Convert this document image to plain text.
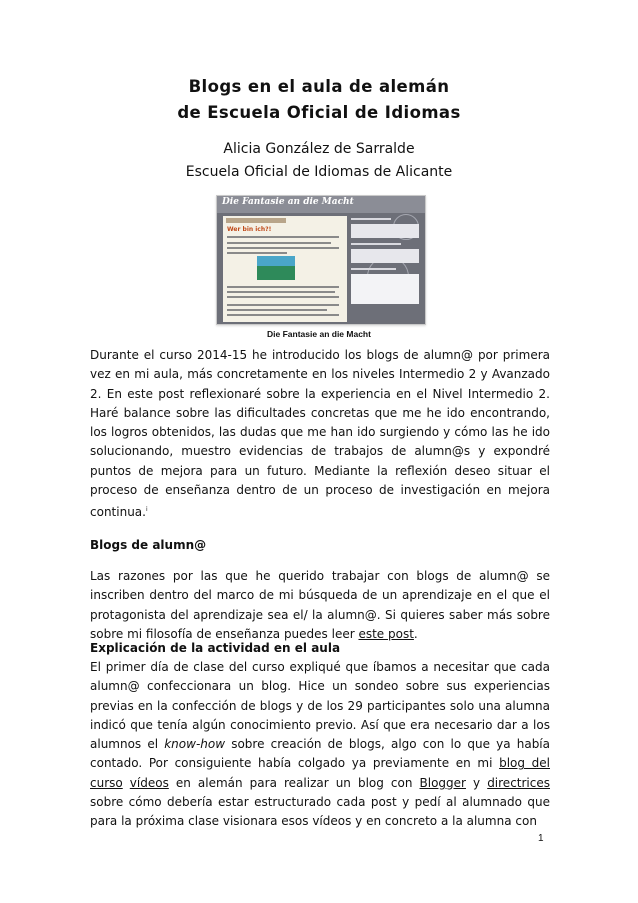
Blogs en el aula de alemán
de Escuela Oficial de Idiomas
Alicia González de Sarralde
Escuela Oficial de Idiomas de Alicante
Die Fantasie an die Macht
Wer bin ich?!
Die Fantasie an die Macht

Durante el curso 2014-15 he introducido los blogs de alumn@ por primera vez en mi aula, más concretamente en los niveles Intermedio 2 y Avanzado 2. En este post reflexionaré sobre la experiencia en el Nivel Intermedio 2. Haré balance sobre las dificultades concretas que me he ido encontrando, los logros obtenidos, las dudas que me han ido surgiendo y cómo las he ido solucionando, muestro evidencias de trabajos de alumn@s y expondré puntos de mejora para un futuro. Mediante la reflexión deseo situar el proceso de enseñanza dentro de un proceso de investigación en mejora continua.$^i$

Blogs de alumn@

Las razones por las que he querido trabajar con blogs de alumn@ se inscriben dentro del marco de mi búsqueda de un aprendizaje en el que el protagonista del aprendizaje sea el/ la alumn@. Si quieres saber más sobre sobre mi filosofía de enseñanza puedes leer este post.

Explicación de la actividad en el aula

El primer día de clase del curso expliqué que íbamos a necesitar que cada alumn@ confeccionara un blog. Hice un sondeo sobre sus experiencias previas en la confección de blogs y de los 29 participantes solo una alumna indicó que tenía algún conocimiento previo. Así que era necesario dar a los alumnos el know-how sobre creación de blogs, algo con lo que ya había contado. Por consiguiente había colgado ya previamente en mi blog del curso vídeos en alemán para realizar un blog con Blogger y directrices sobre cómo debería estar estructurado cada post y pedí al alumnado que para la próxima clase visionara esos vídeos y en concreto a la alumna con

1
